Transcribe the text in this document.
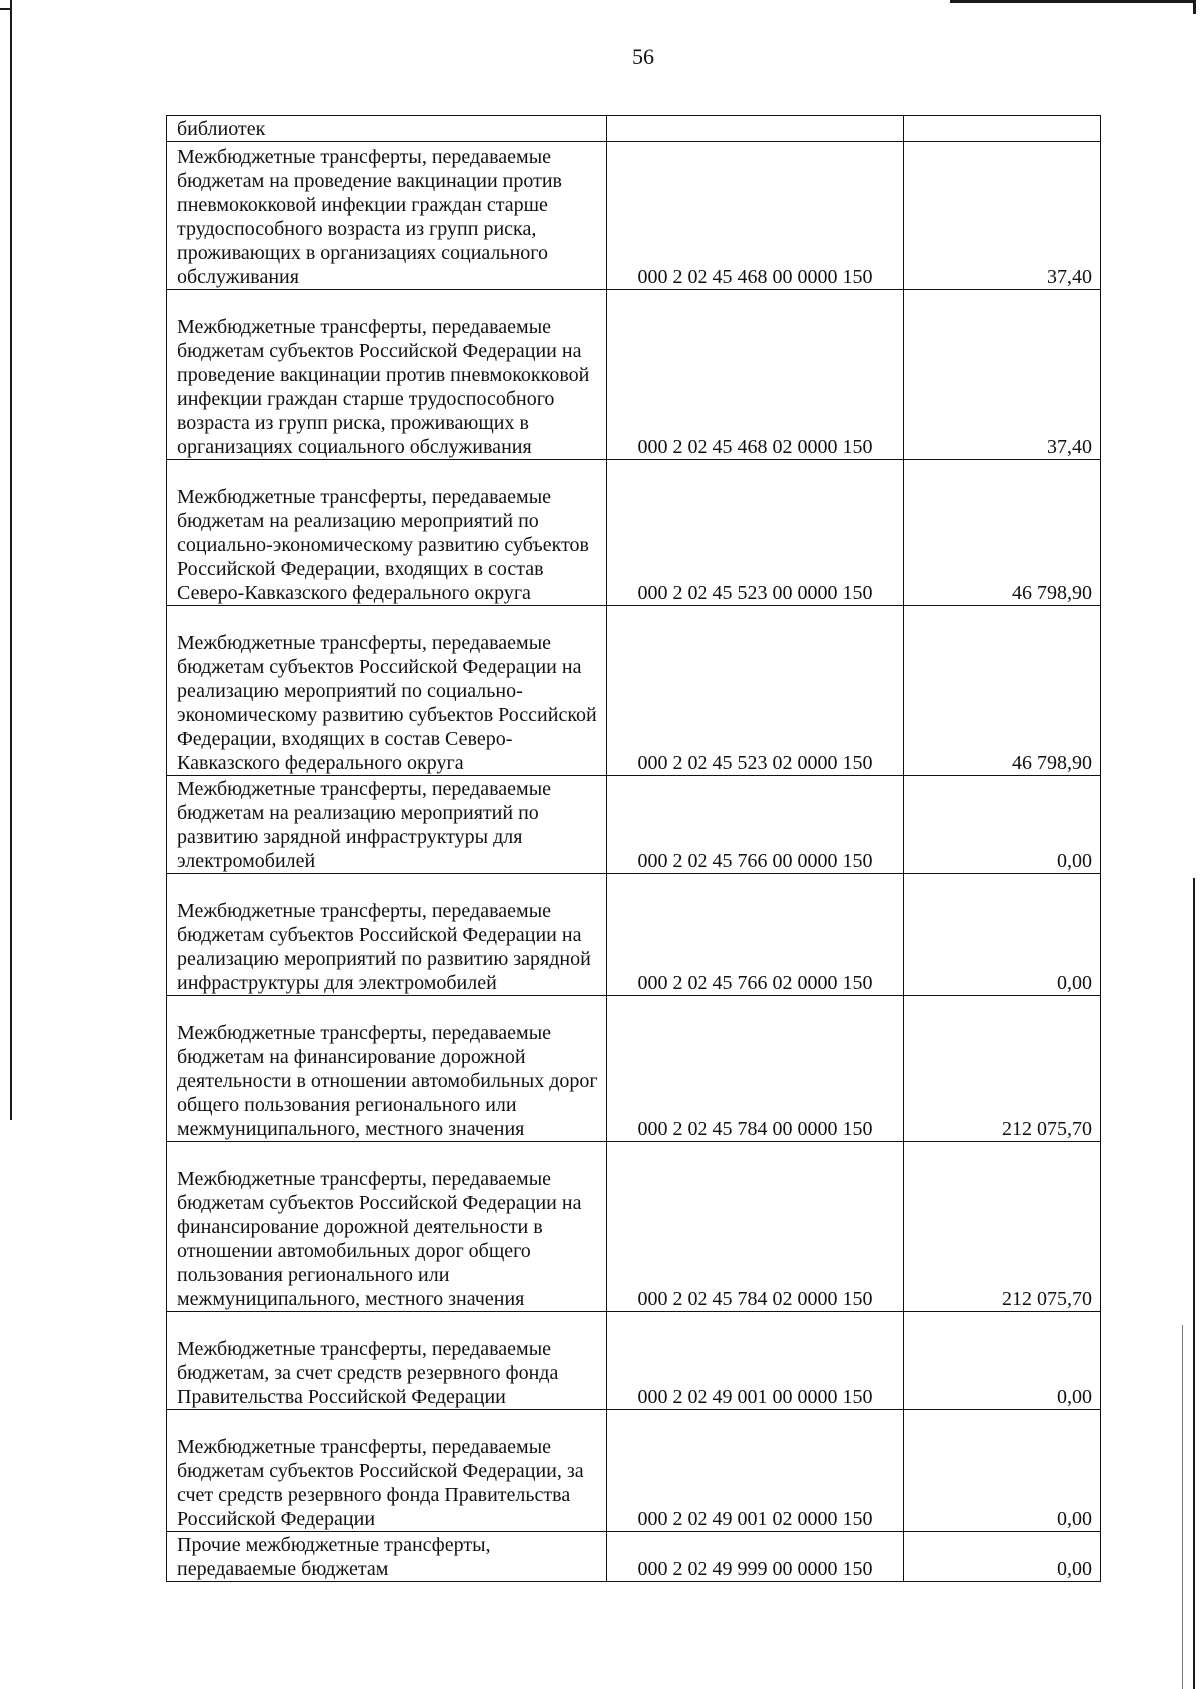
56
библиотек		
Межбюджетные трансферты, передаваемые бюджетам на проведение вакцинации против пневмококковой инфекции граждан старше трудоспособного возраста из групп риска, проживающих в организациях социального обслуживания	000 2 02 45 468 00 0000 150	37,40
Межбюджетные трансферты, передаваемые бюджетам субъектов Российской Федерации на проведение вакцинации против пневмококковой инфекции граждан старше трудоспособного возраста из групп риска, проживающих в организациях социального обслуживания	000 2 02 45 468 02 0000 150	37,40
Межбюджетные трансферты, передаваемые бюджетам на реализацию мероприятий по социально-экономическому развитию субъектов Российской Федерации, входящих в состав Северо-Кавказского федерального округа	000 2 02 45 523 00 0000 150	46 798,90
Межбюджетные трансферты, передаваемые бюджетам субъектов Российской Федерации на реализацию мероприятий по социально-экономическому развитию субъектов Российской Федерации, входящих в состав Северо-Кавказского федерального округа	000 2 02 45 523 02 0000 150	46 798,90
Межбюджетные трансферты, передаваемые бюджетам на реализацию мероприятий по развитию зарядной инфраструктуры для электромобилей	000 2 02 45 766 00 0000 150	0,00
Межбюджетные трансферты, передаваемые бюджетам субъектов Российской Федерации на реализацию мероприятий по развитию зарядной инфраструктуры для электромобилей	000 2 02 45 766 02 0000 150	0,00
Межбюджетные трансферты, передаваемые бюджетам на финансирование дорожной деятельности в отношении автомобильных дорог общего пользования регионального или межмуниципального, местного значения	000 2 02 45 784 00 0000 150	212 075,70
Межбюджетные трансферты, передаваемые бюджетам субъектов Российской Федерации на финансирование дорожной деятельности в отношении автомобильных дорог общего пользования регионального или межмуниципального, местного значения	000 2 02 45 784 02 0000 150	212 075,70
Межбюджетные трансферты, передаваемые бюджетам, за счет средств резервного фонда Правительства Российской Федерации	000 2 02 49 001 00 0000 150	0,00
Межбюджетные трансферты, передаваемые бюджетам субъектов Российской Федерации, за счет средств резервного фонда Правительства Российской Федерации	000 2 02 49 001 02 0000 150	0,00
Прочие межбюджетные трансферты, передаваемые бюджетам	000 2 02 49 999 00 0000 150	0,00
